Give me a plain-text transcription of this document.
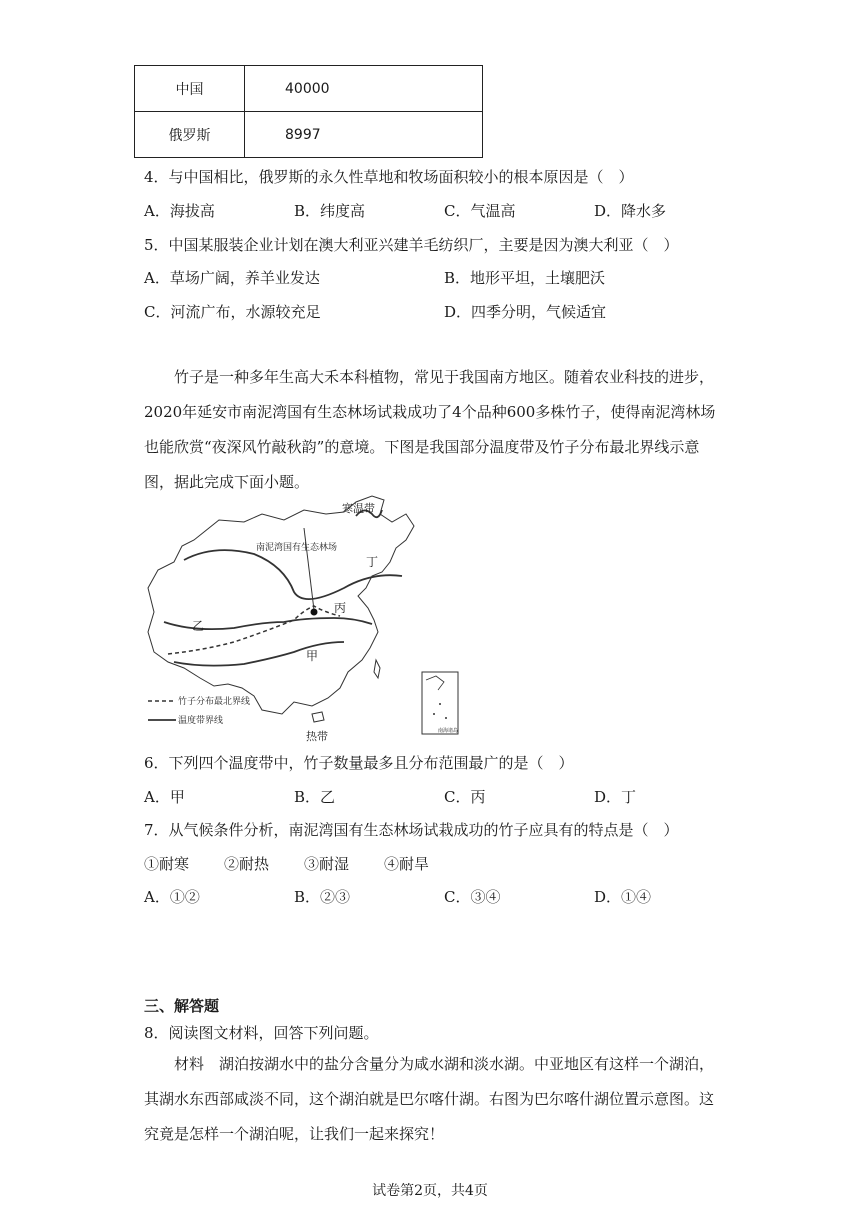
中国	40000
俄罗斯	8997
4．与中国相比，俄罗斯的永久性草地和牧场面积较小的根本原因是（　）
A．海拔高	B．纬度高	C．气温高	D．降水多
5．中国某服装企业计划在澳大利亚兴建羊毛纺织厂，主要是因为澳大利亚（　）
A．草场广阔，养羊业发达	B．地形平坦，土壤肥沃
C．河流广布，水源较充足	D．四季分明，气候适宜
竹子是一种多年生高大禾本科植物，常见于我国南方地区。随着农业科技的进步，2020年延安市南泥湾国有生态林场试栽成功了4个品种600多株竹子，使得南泥湾林场也能欣赏“夜深风竹敲秋韵”的意境。下图是我国部分温度带及竹子分布最北界线示意图，据此完成下面小题。
寒温带
南泥湾国有生态林场
丁
丙
乙
甲
热带
竹子分布最北界线
温度带界线
南海诸岛
6．下列四个温度带中，竹子数量最多且分布范围最广的是（　）
A．甲	B．乙	C．丙	D．丁
7．从气候条件分析，南泥湾国有生态林场试栽成功的竹子应具有的特点是（　）
①耐寒 ②耐热 ③耐湿 ④耐旱
A．①②	B．②③	C．③④	D．①④
三、解答题
8．阅读图文材料，回答下列问题。
材料　湖泊按湖水中的盐分含量分为咸水湖和淡水湖。中亚地区有这样一个湖泊，其湖水东西部咸淡不同，这个湖泊就是巴尔喀什湖。右图为巴尔喀什湖位置示意图。这究竟是怎样一个湖泊呢，让我们一起来探究！
试卷第2页，共4页
